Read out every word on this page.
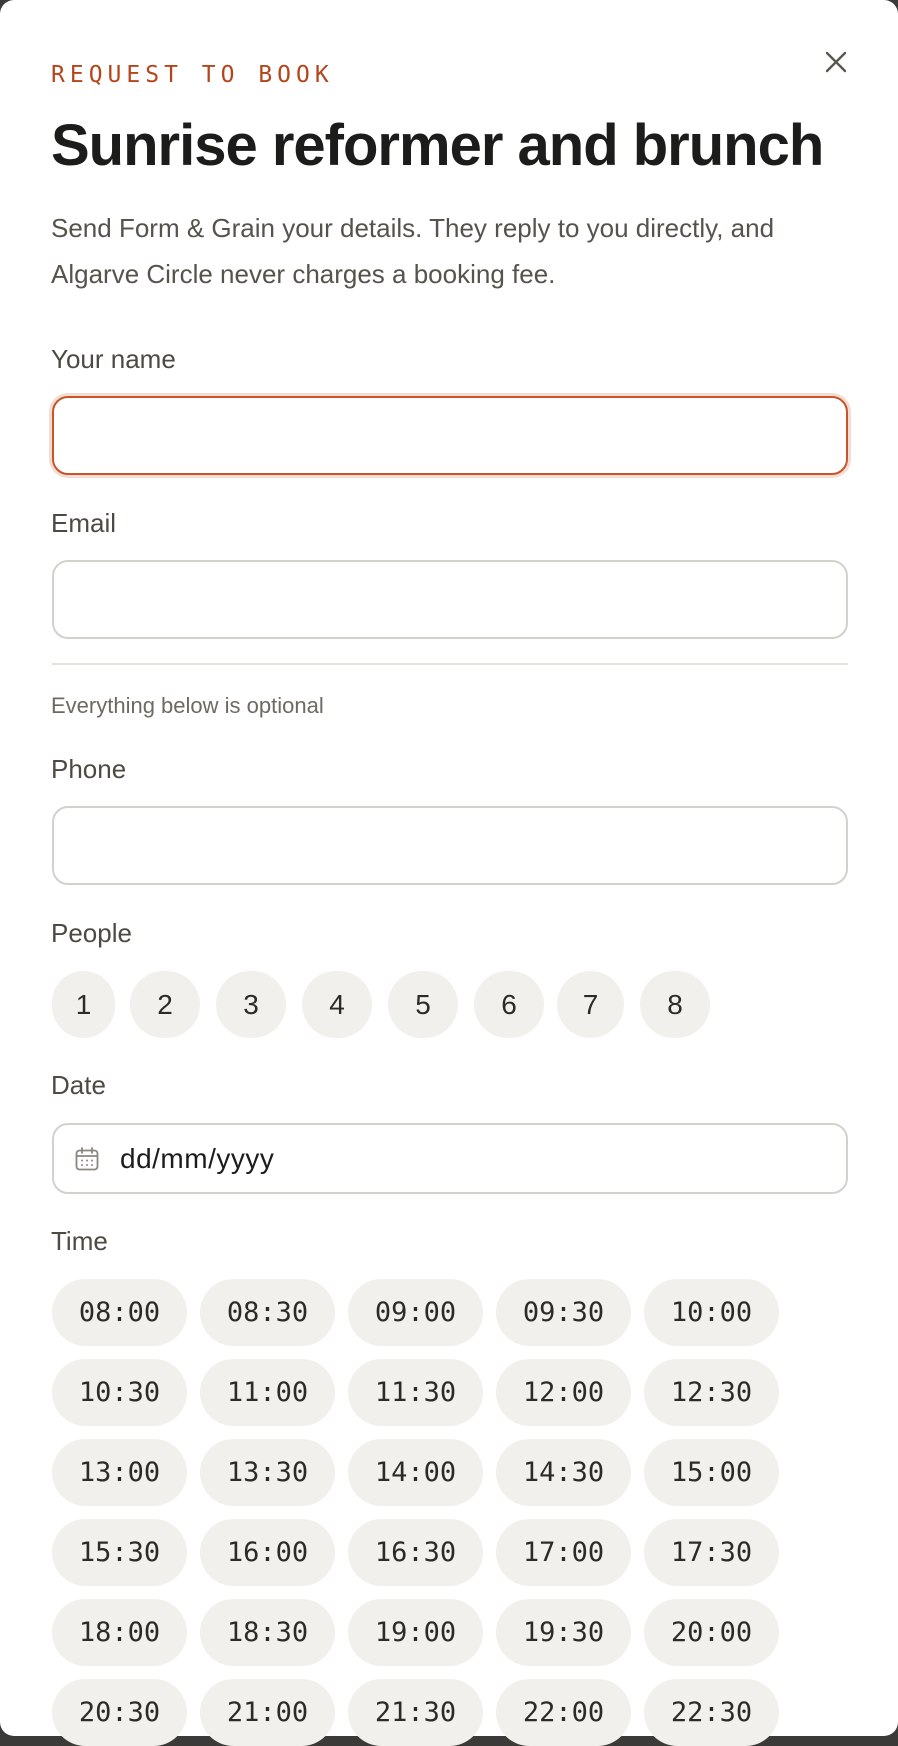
REQUEST TO BOOK
Sunrise reformer and brunch

Send Form & Grain your details. They reply to you directly, and Algarve Circle never charges a booking fee.

Your name
Email
Everything below is optional
Phone
People
1	2	3	4	5	6	7	8
Date
dd/mm/yyyy
Time
08:00	08:30	09:00	09:30	10:00
10:30	11:00	11:30	12:00	12:30
13:00	13:30	14:00	14:30	15:00
15:30	16:00	16:30	17:00	17:30
18:00	18:30	19:00	19:30	20:00
20:30	21:00	21:30	22:00	22:30
